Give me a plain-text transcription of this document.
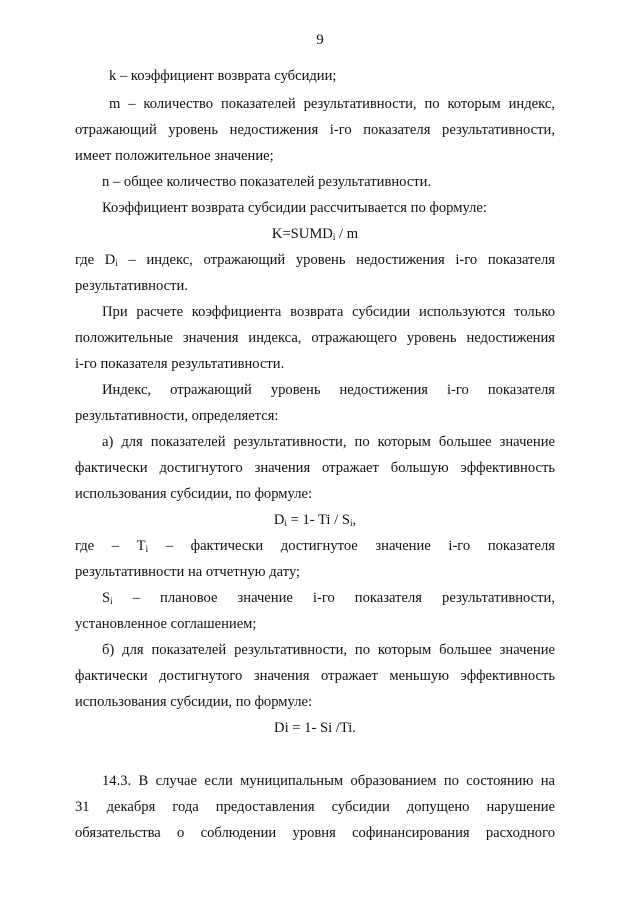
9
k – коэффициент возврата субсидии;
m – количество показателей результативности, по которым индекс,
отражающий уровень недостижения i-го показателя результативности,
имеет положительное значение;
n – общее количество показателей результативности.
Коэффициент возврата субсидии рассчитывается по формуле:
$K=SUMD_i / m$
где $D_i$ – индекс, отражающий уровень недостижения i-го показателя
результативности.
При расчете коэффициента возврата субсидии используются только
положительные значения индекса, отражающего уровень недостижения
i-го показателя результативности.
Индекс, отражающий уровень недостижения i-го показателя
результативности, определяется:
а) для показателей результативности, по которым большее значение
фактически достигнутого значения отражает большую эффективность
использования субсидии, по формуле:
$D_i = 1-$ Ti / $S_i$,
где – $T_i$ – фактически достигнутое значение i-го показателя
результативности на отчетную дату;
$S_i$ – плановое значение i-го показателя результативности,
установленное соглашением;
б) для показателей результативности, по которым большее значение
фактически достигнутого значения отражает меньшую эффективность
использования субсидии, по формуле:
Di = 1- Si /Ti.
14.3. В случае если муниципальным образованием по состоянию на
31 декабря года предоставления субсидии допущено нарушение
обязательства о соблюдении уровня софинансирования расходного
